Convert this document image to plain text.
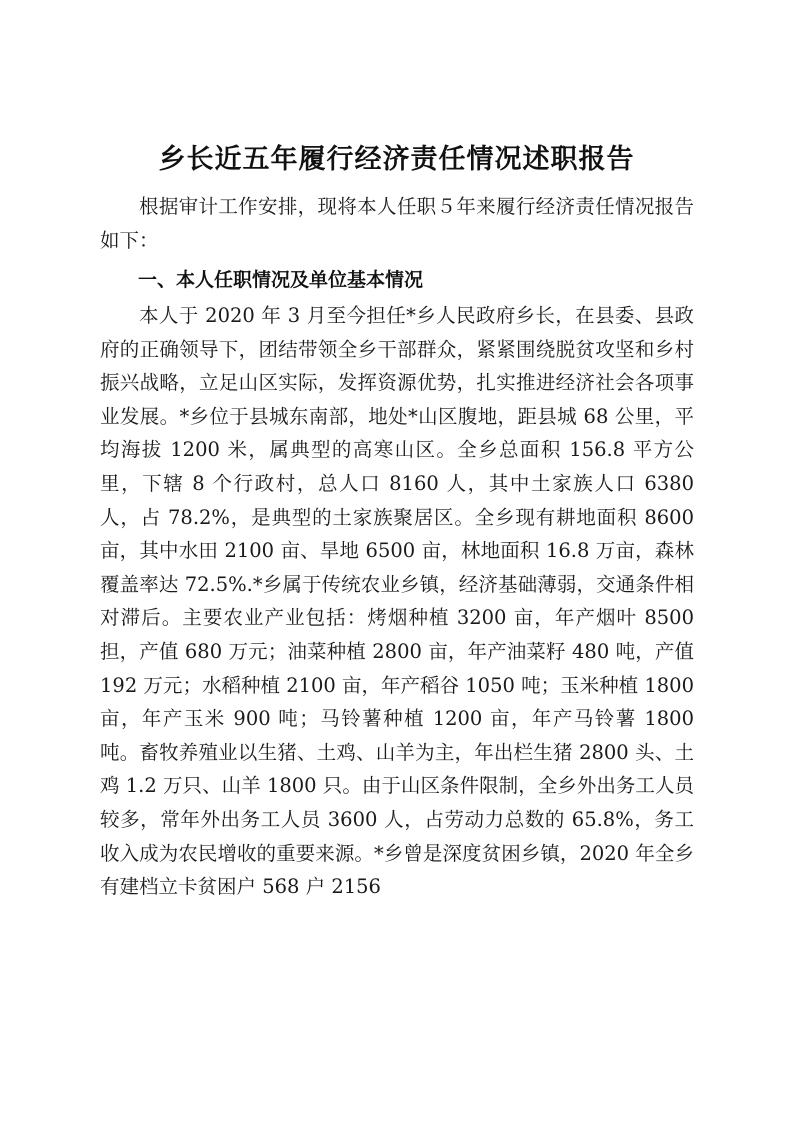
乡长近五年履行经济责任情况述职报告

根据审计工作安排，现将本人任职５年来履行经济责任情况报告如下：

一、本人任职情况及单位基本情况

本人于 2020 年 3 月至今担任*乡人民政府乡长，在县委、县政府的正确领导下，团结带领全乡干部群众，紧紧围绕脱贫攻坚和乡村振兴战略，立足山区实际，发挥资源优势，扎实推进经济社会各项事业发展。*乡位于县城东南部，地处*山区腹地，距县城 68 公里，平均海拔 1200 米，属典型的高寒山区。全乡总面积 156.8 平方公里，下辖 8 个行政村，总人口 8160 人，其中土家族人口 6380 人，占 78.2%，是典型的土家族聚居区。全乡现有耕地面积 8600 亩，其中水田 2100 亩、旱地 6500 亩，林地面积 16.8 万亩，森林覆盖率达 72.5%.*乡属于传统农业乡镇，经济基础薄弱，交通条件相对滞后。主要农业产业包括：烤烟种植 3200 亩，年产烟叶 8500 担，产值 680 万元；油菜种植 2800 亩，年产油菜籽 480 吨，产值 192 万元；水稻种植 2100 亩，年产稻谷 1050 吨；玉米种植 1800 亩，年产玉米 900 吨；马铃薯种植 1200 亩，年产马铃薯 1800 吨。畜牧养殖业以生猪、土鸡、山羊为主，年出栏生猪 2800 头、土鸡 1.2 万只、山羊 1800 只。由于山区条件限制，全乡外出务工人员较多，常年外出务工人员 3600 人，占劳动力总数的 65.8%，务工收入成为农民增收的重要来源。*乡曾是深度贫困乡镇，2020 年全乡有建档立卡贫困户 568 户 2156
